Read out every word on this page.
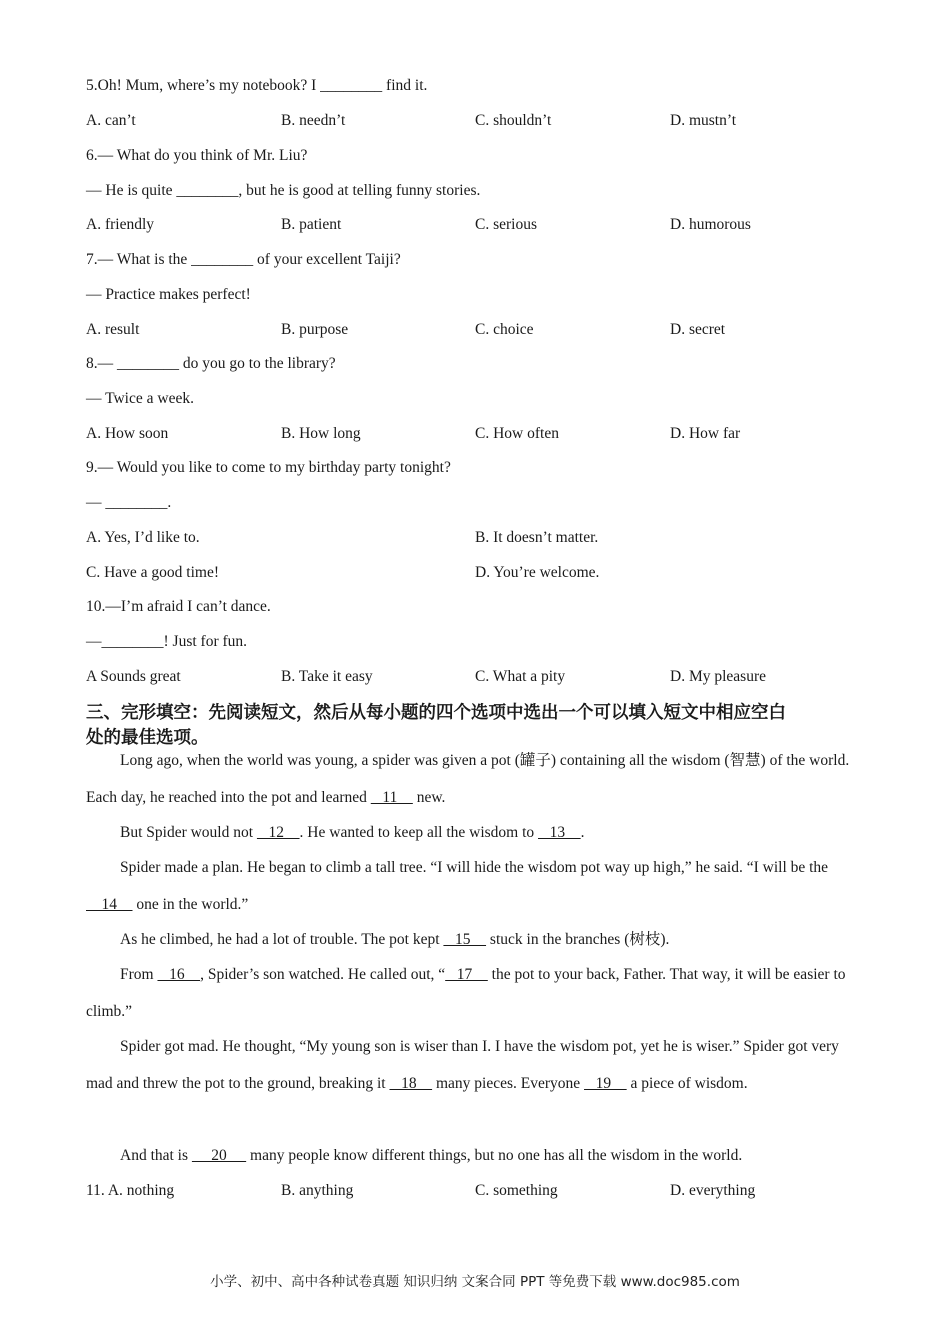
5.Oh! Mum, where’s my notebook? I ________ find it.
A. can’t	B. needn’t	C. shouldn’t	D. mustn’t
6.— What do you think of Mr. Liu?
— He is quite ________, but he is good at telling funny stories.
A. friendly	B. patient	C. serious	D. humorous
7.— What is the ________ of your excellent Taiji?
— Practice makes perfect!
A. result	B. purpose	C. choice	D. secret
8.— ________ do you go to the library?
— Twice a week.
A. How soon	B. How long	C. How often	D. How far
9.— Would you like to come to my birthday party tonight?
— ________.
A. Yes, I’d like to.	B. It doesn’t matter.
C. Have a good time!	D. You’re welcome.
10.—I’m afraid I can’t dance.
—________! Just for fun.
A Sounds great	B. Take it easy	C. What a pity	D. My pleasure
三、完形填空：先阅读短文，然后从每小题的四个选项中选出一个可以填入短文中相应空白
处的最佳选项。
Long ago, when the world was young, a spider was given a pot (罐子) containing all the wisdom (智慧) of the world. Each day, he reached into the pot and learned    11     new.
But Spider would not    12    . He wanted to keep all the wisdom to    13    .
Spider made a plan. He began to climb a tall tree. “I will hide the wisdom pot way up high,” he said. “I will be the     14     one in the world.”
As he climbed, he had a lot of trouble. The pot kept    15     stuck in the branches (树枝).
From    16    , Spider’s son watched. He called out, “   17     the pot to your back, Father. That way, it will be easier to climb.”
Spider got mad. He thought, “My young son is wiser than I. I have the wisdom pot, yet he is wiser.” Spider got very mad and threw the pot to the ground, breaking it    18     many pieces. Everyone    19     a piece of wisdom.
And that is      20      many people know different things, but no one has all the wisdom in the world.
11. A. nothing	B. anything	C. something	D. everything
小学、初中、高中各种试卷真题 知识归纳 文案合同 PPT 等免费下载 www.doc985.com
